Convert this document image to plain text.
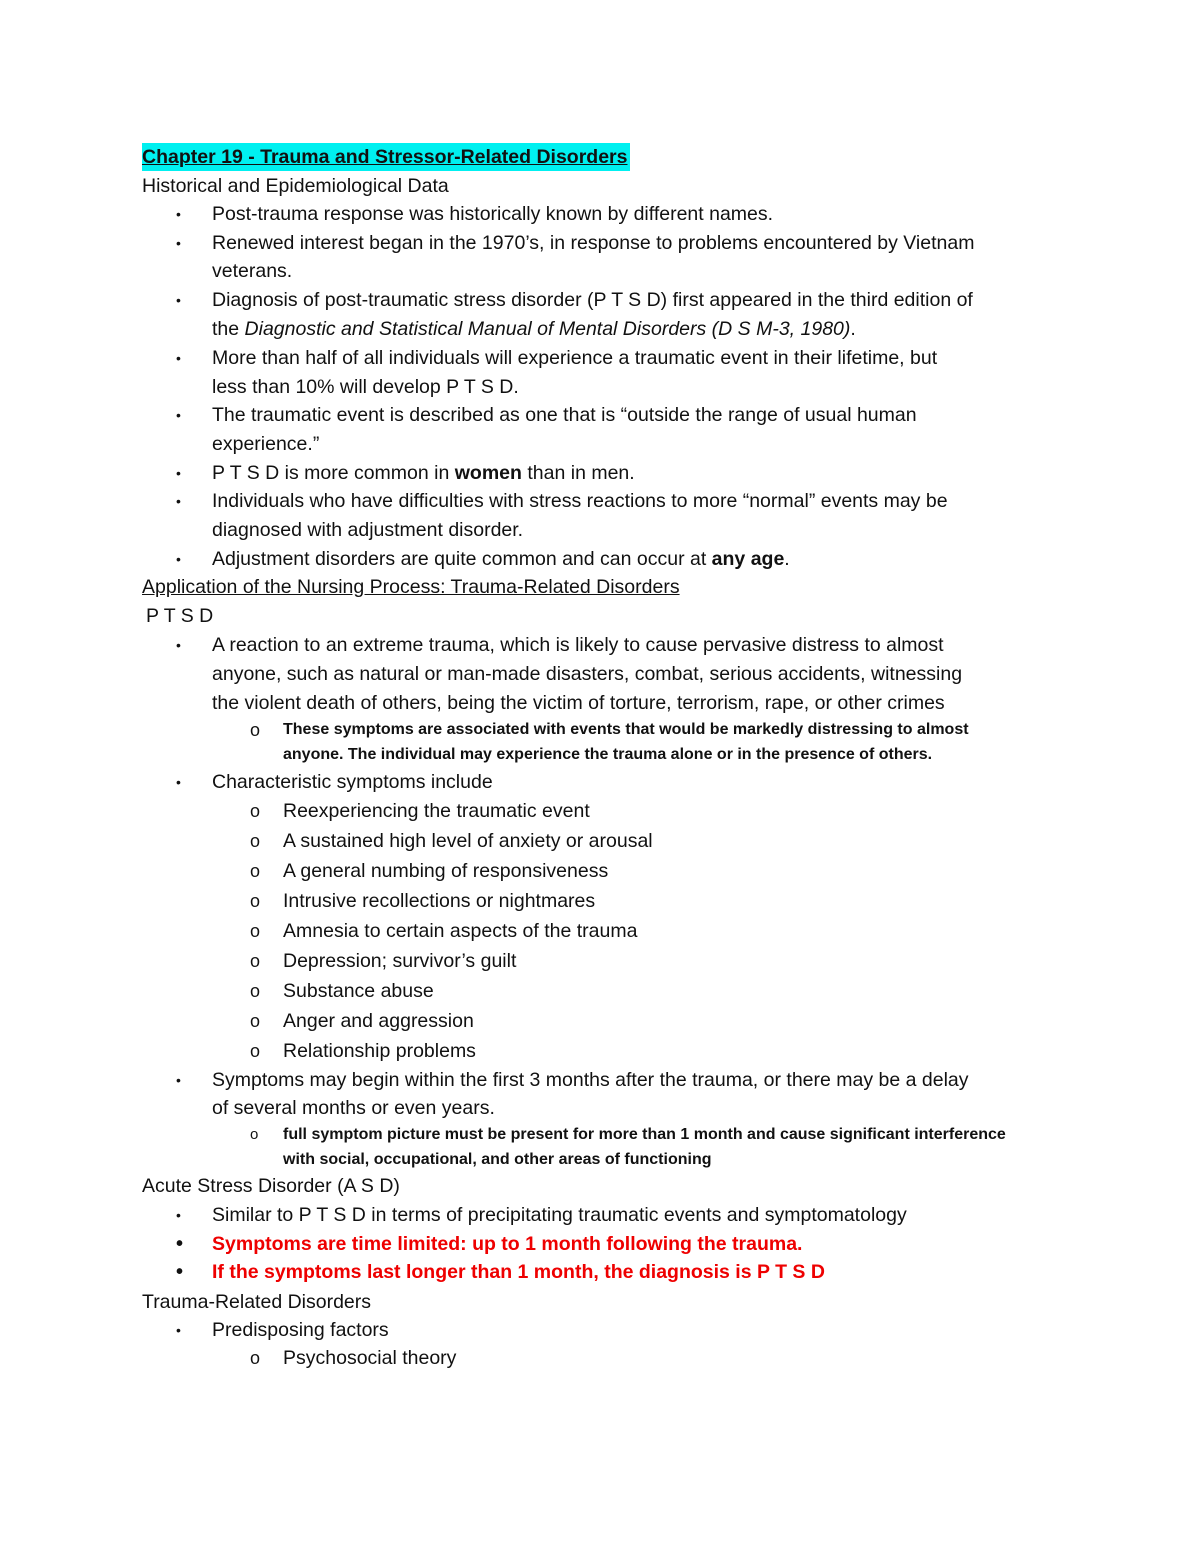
Chapter 19 - Trauma and Stressor-Related Disorders
Historical and Epidemiological Data
• Post-trauma response was historically known by different names.
• Renewed interest began in the 1970’s, in response to problems encountered by Vietnam
veterans.
• Diagnosis of post-traumatic stress disorder (P T S D) first appeared in the third edition of
the Diagnostic and Statistical Manual of Mental Disorders (D S M-3, 1980).
• More than half of all individuals will experience a traumatic event in their lifetime, but
less than 10% will develop P T S D.
• The traumatic event is described as one that is “outside the range of usual human
experience.”
• P T S D is more common in women than in men.
• Individuals who have difficulties with stress reactions to more “normal” events may be
diagnosed with adjustment disorder.
• Adjustment disorders are quite common and can occur at any age.
Application of the Nursing Process: Trauma-Related Disorders
P T S D
• A reaction to an extreme trauma, which is likely to cause pervasive distress to almost
anyone, such as natural or man-made disasters, combat, serious accidents, witnessing
the violent death of others, being the victim of torture, terrorism, rape, or other crimes
o These symptoms are associated with events that would be markedly distressing to almost
anyone. The individual may experience the trauma alone or in the presence of others.
• Characteristic symptoms include
o Reexperiencing the traumatic event
o A sustained high level of anxiety or arousal
o A general numbing of responsiveness
o Intrusive recollections or nightmares
o Amnesia to certain aspects of the trauma
o Depression; survivor’s guilt
o Substance abuse
o Anger and aggression
o Relationship problems
• Symptoms may begin within the first 3 months after the trauma, or there may be a delay
of several months or even years.
o full symptom picture must be present for more than 1 month and cause significant interference
with social, occupational, and other areas of functioning
Acute Stress Disorder (A S D)
• Similar to P T S D in terms of precipitating traumatic events and symptomatology
• Symptoms are time limited: up to 1 month following the trauma.
• If the symptoms last longer than 1 month, the diagnosis is P T S D
Trauma-Related Disorders
• Predisposing factors
o Psychosocial theory
